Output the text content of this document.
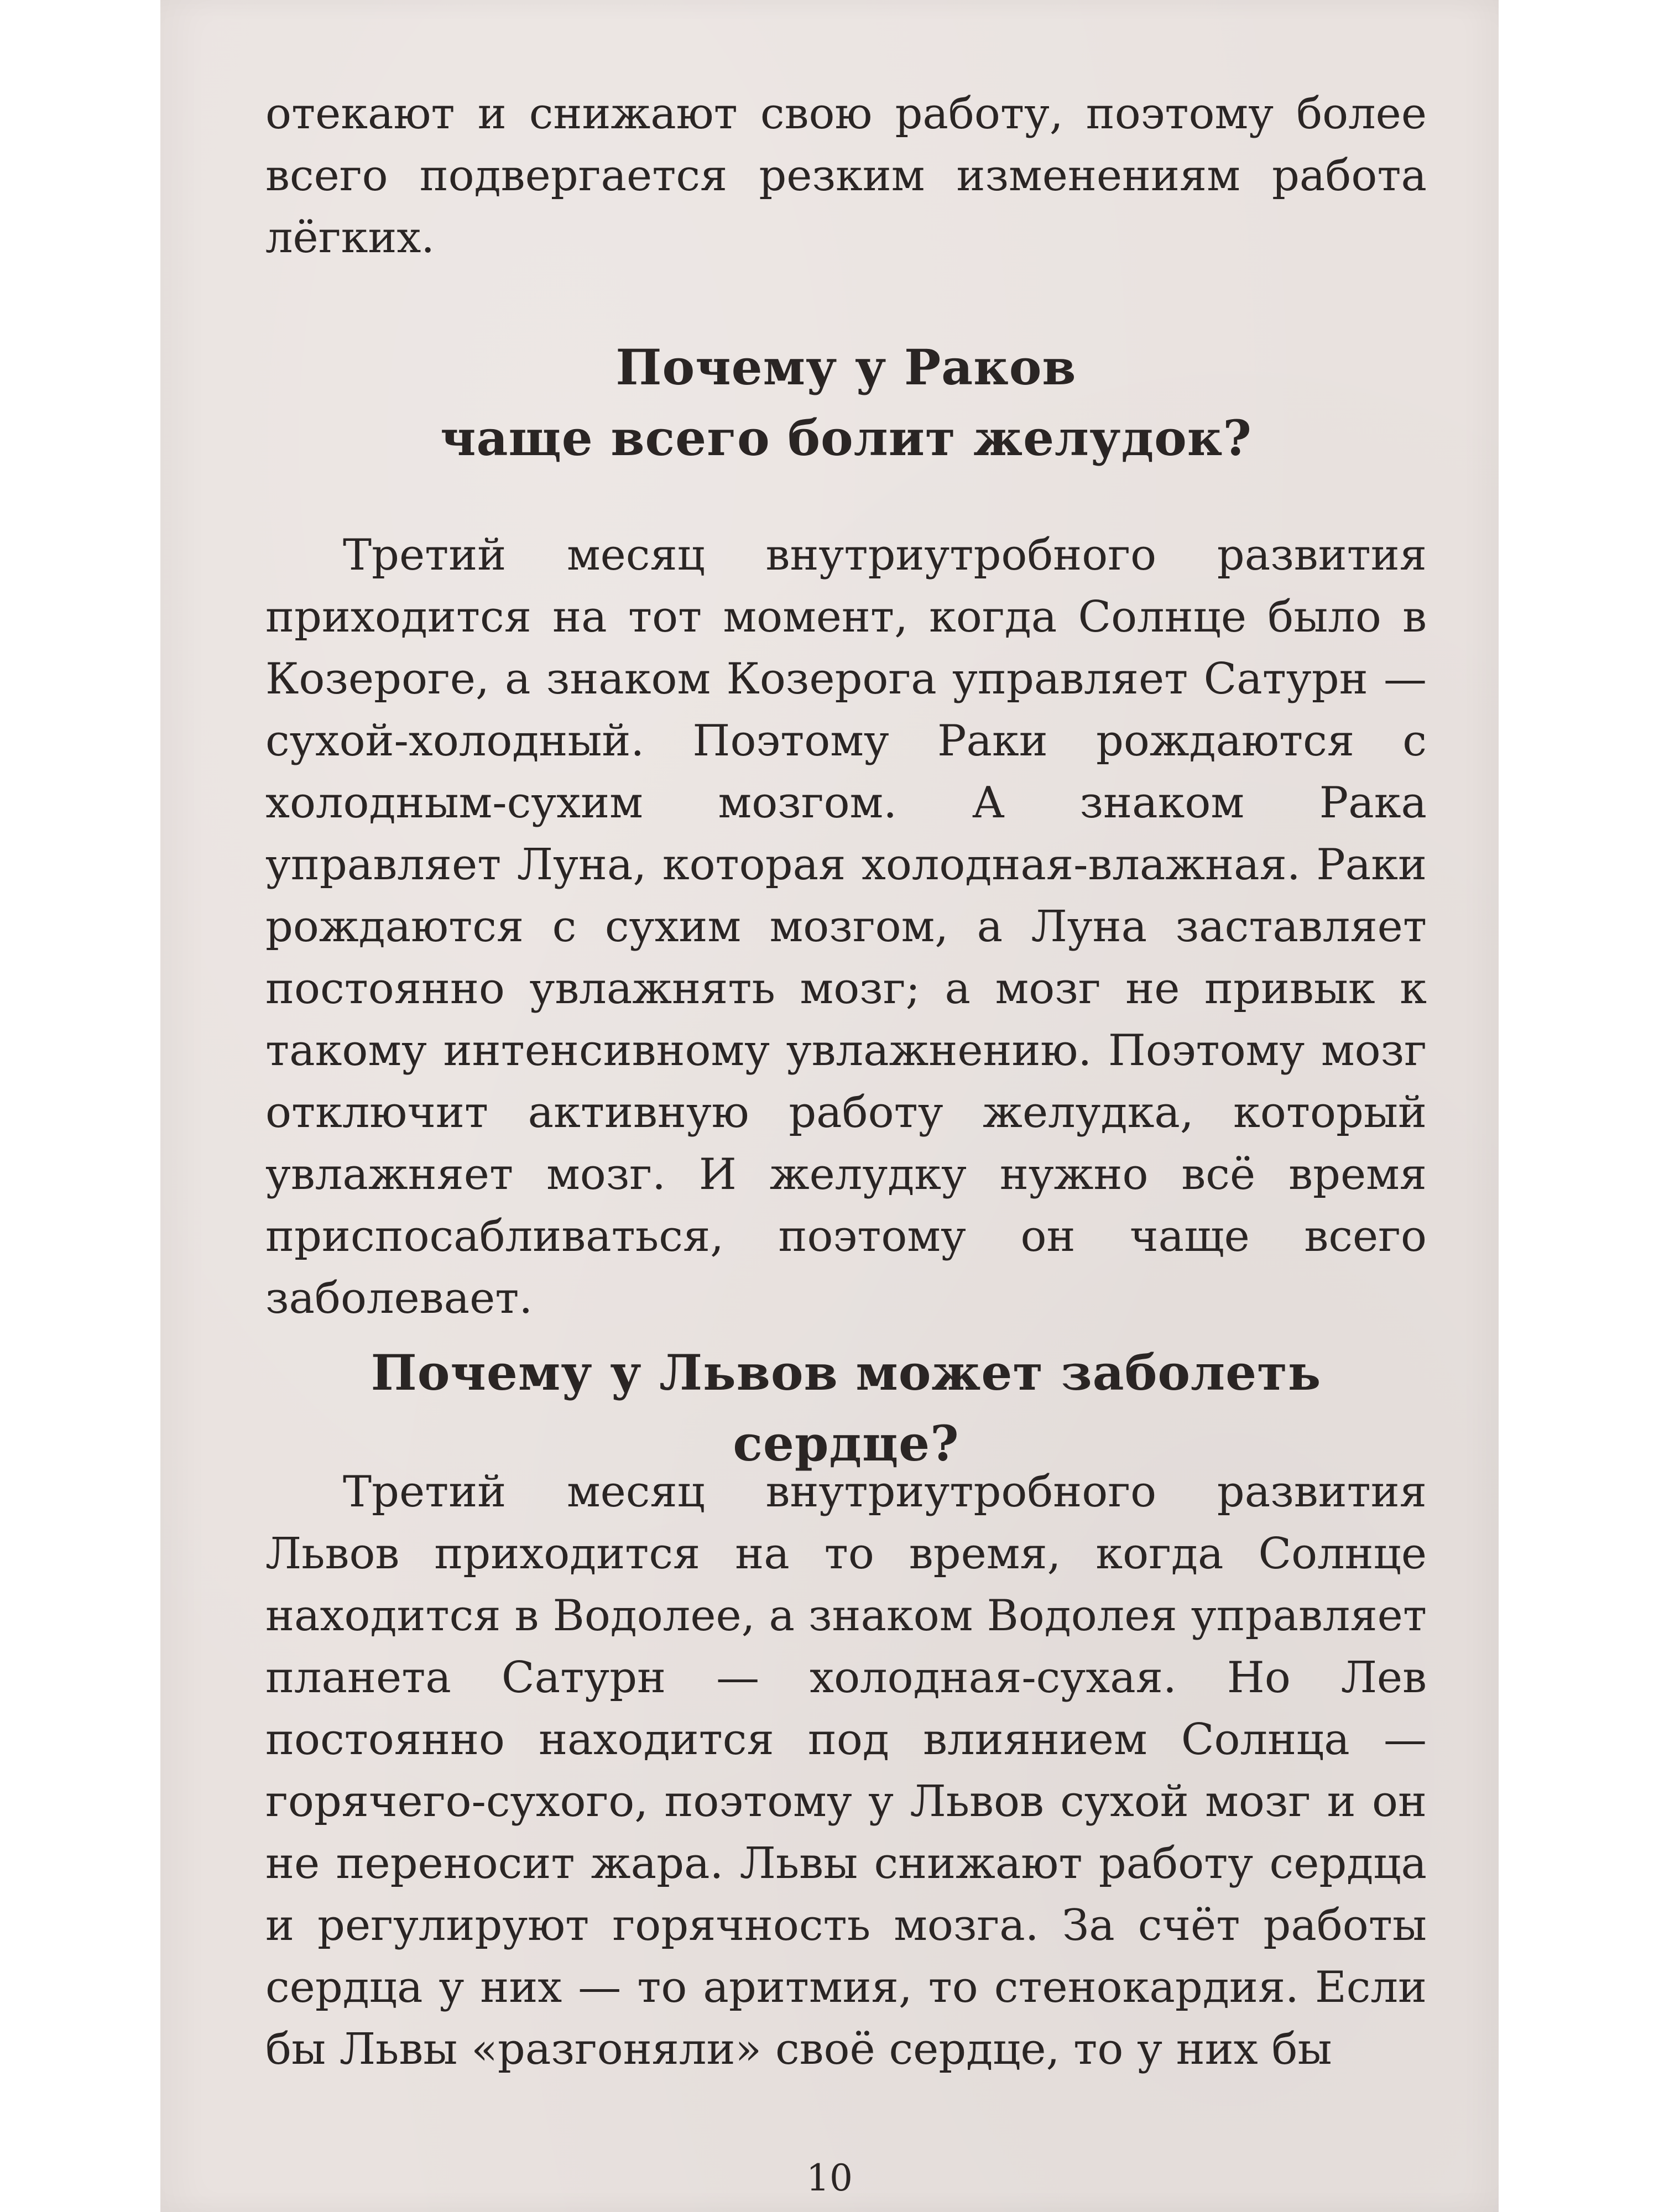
отекают и снижают свою работу, поэтому более всего подвергается резким изменениям работа лёгких.

Почему у Раков
чаще всего болит желудок?

Третий месяц внутриутробного развития приходится на тот момент, когда Солнце было в Козероге, а знаком Козерога управляет Сатурн — сухой-холодный. Поэтому Раки рождаются с холодным-сухим мозгом. А знаком Рака управляет Луна, которая холодная-влажная. Раки рождаются с сухим мозгом, а Луна заставляет постоянно увлажнять мозг; а мозг не привык к такому интенсивному увлажнению. Поэтому мозг отключит активную работу желудка, который увлажняет мозг. И желудку нужно всё время приспосабливаться, поэтому он чаще всего заболевает.

Почему у Львов может заболеть сердце?

Третий месяц внутриутробного развития Львов приходится на то время, когда Солнце находится в Водолее, а знаком Водолея управляет планета Сатурн — холодная-сухая. Но Лев постоянно находится под влиянием Солнца — горячего-сухого, поэтому у Львов сухой мозг и он не переносит жара. Львы снижают работу сердца и регулируют горячность мозга. За счёт работы сердца у них — то аритмия, то стенокардия. Если бы Львы «разгоняли» своё сердце, то у них бы

10
